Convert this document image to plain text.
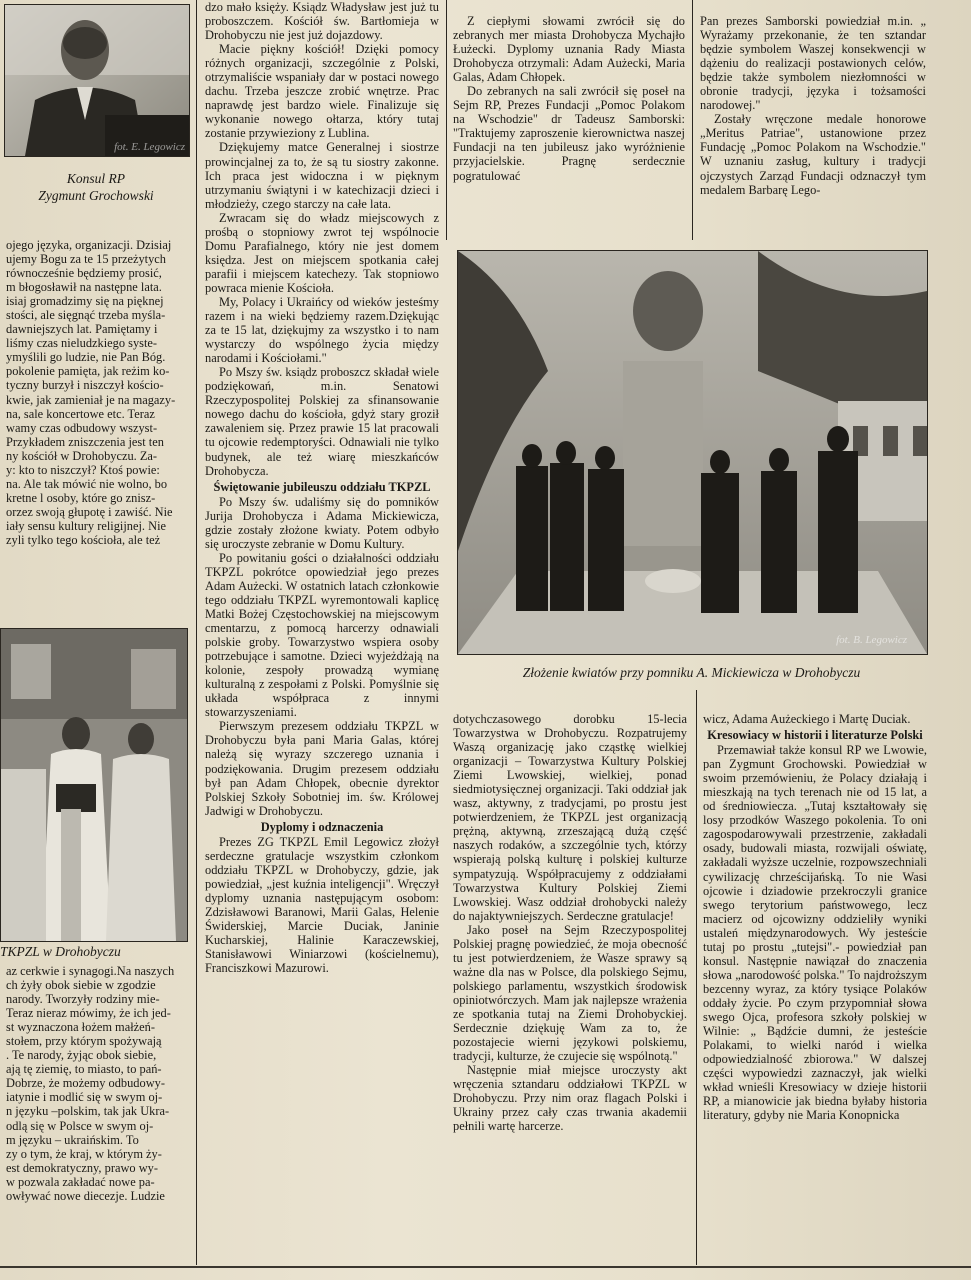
fot. E. Legowicz
Konsul RP
Zygmunt Grochowski
ojego języka, organizacji. Dzisiaj
ujemy Bogu za te 15 przeżytych
równocześnie będziemy prosić,
m błogosławił na następne lata.
isiaj gromadzimy się na pięknej
stości, ale sięgnąć trzeba myśla-
dawniejszych lat. Pamiętamy i
liśmy czas nieludzkiego syste-
ymyślili go ludzie, nie Pan Bóg.
pokolenie pamięta, jak reżim ko-
tyczny burzył i niszczył kościo-
kwie, jak zamieniał je na magazy-
na, sale koncertowe etc. Teraz
wamy czas odbudowy wszyst-
Przykładem zniszczenia jest ten
ny kościół w Drohobyczu. Za-
y: kto to niszczył? Ktoś powie:
na. Ale tak mówić nie wolno, bo
kretne l osoby, które go znisz-
orzez swoją głupotę i zawiść. Nie
iały sensu kultury religijnej. Nie
zyli tylko tego kościoła, ale też
TKPZL w Drohobyczu
az cerkwie i synagogi.Na naszych
ch żyły obok siebie w zgodzie
narody. Tworzyły rodziny mie-
Teraz nieraz mówimy, że ich jed-
st wyznaczona łożem małżeń-
stołem, przy którym spożywają
. Te narody, żyjąc obok siebie,
ają tę ziemię, to miasto, to pań-
Dobrze, że możemy odbudowy-
iatynie i modlić się w swym oj-
n języku –polskim, tak jak Ukra-
odlą się w Polsce w swym oj-
m języku – ukraińskim. To
zy o tym, że kraj, w którym ży-
est demokratyczny, prawo wy-
w pozwala zakładać nowe pa-
owływać nowe diecezje. Ludzie

dzo mało księży. Ksiądz Władysław jest już tu proboszczem. Kościół św. Bartłomieja w Drohobyczu nie jest już dojazdowy.

Macie piękny kościół! Dzięki pomocy różnych organizacji, szczególnie z Polski, otrzymaliście wspaniały dar w postaci nowego dachu. Trzeba jeszcze zrobić wnętrze. Prac naprawdę jest bardzo wiele. Finalizuje się wykonanie nowego ołtarza, który tutaj zostanie przywieziony z Lublina.

Dziękujemy matce Generalnej i siostrze prowincjalnej za to, że są tu siostry zakonne. Ich praca jest widoczna i w pięknym utrzymaniu świątyni i w katechizacji dzieci i młodzieży, czego starczy na całe lata.

Zwracam się do władz miejscowych z prośbą o stopniowy zwrot tej wspólnocie Domu Parafialnego, który nie jest domem księdza. Jest on miejscem spotkania całej parafii i miejscem katechezy. Tak stopniowo powraca mienie Kościoła.

My, Polacy i Ukraińcy od wieków jesteśmy razem i na wieki będziemy razem.Dziękując za te 15 lat, dziękujmy za wszystko i to nam wystarczy do wspólnego życia między narodami i Kościołami."

Po Mszy św. ksiądz proboszcz składał wiele podziękowań, m.in. Senatowi Rzeczypospolitej Polskiej za sfinansowanie nowego dachu do kościoła, gdyż stary groził zawaleniem się. Przez prawie 15 lat pracowali tu ojcowie redemptoryści. Odnawiali nie tylko budynek, ale też wiarę mieszkańców Drohobycza.

Świętowanie jubileuszu oddziału TKPZL

Po Mszy św. udaliśmy się do pomników Jurija Drohobycza i Adama Mickiewicza, gdzie zostały złożone kwiaty. Potem odbyło się uroczyste zebranie w Domu Kultury.

Po powitaniu gości o działalności oddziału TKPZL pokrótce opowiedział jego prezes Adam Aużecki. W ostatnich latach członkowie tego oddziału TKPZL wyremontowali kaplicę Matki Bożej Częstochowskiej na miejscowym cmentarzu, z pomocą harcerzy odnawiali polskie groby. Towarzystwo wspiera osoby potrzebujące i samotne. Dzieci wyjeżdżają na kolonie, zespoły prowadzą wymianę kulturalną z zespołami z Polski. Pomyślnie się układa współpraca z innymi stowarzyszeniami.

Pierwszym prezesem oddziału TKPZL w Drohobyczu była pani Maria Galas, której należą się wyrazy szczerego uznania i podziękowania. Drugim prezesem oddziału był pan Adam Chłopek, obecnie dyrektor Polskiej Szkoły Sobotniej im. św. Królowej Jadwigi w Drohobyczu.

Dyplomy i odznaczenia

Prezes ZG TKPZL Emil Legowicz złożył serdeczne gratulacje wszystkim członkom oddziału TKPZL w Drohobyczy, gdzie, jak powiedział, „jest kuźnia inteligencji". Wręczył dyplomy uznania następującym osobom: Zdzisławowi Baranowi, Marii Galas, Helenie Świderskiej, Marcie Duciak, Janinie Kucharskiej, Halinie Karaczewskiej, Stanisławowi Winiarzowi (kościelnemu), Franciszkowi Mazurowi.

Z ciepłymi słowami zwrócił się do zebranych mer miasta Drohobycza Mychajło Łużecki. Dyplomy uznania Rady Miasta Drohobycza otrzymali: Adam Aużecki, Maria Galas, Adam Chłopek.

Do zebranych na sali zwrócił się poseł na Sejm RP, Prezes Fundacji „Pomoc Polakom na Wschodzie" dr Tadeusz Samborski: "Traktujemy zaproszenie kierownictwa naszej Fundacji na ten jubileusz jako wyróżnienie przyjacielskie. Pragnę serdecznie pogratulować

Pan prezes Samborski powiedział m.in. „ Wyrażamy przekonanie, że ten sztandar będzie symbolem Waszej konsekwencji w dążeniu do realizacji postawionych celów, będzie także symbolem niezłomności w obronie tradycji, języka i tożsamości narodowej."

Zostały wręczone medale honorowe „Meritus Patriae", ustanowione przez Fundację „Pomoc Polakom na Wschodzie." W uznaniu zasług, kultury i tradycji ojczystych Zarząd Fundacji odznaczył tym medalem Barbarę Lego-

fot. B. Legowicz
Złożenie kwiatów przy pomniku A. Mickiewicza w Drohobyczu

dotychczasowego dorobku 15-lecia Towarzystwa w Drohobyczu. Rozpatrujemy Waszą organizację jako cząstkę wielkiej organizacji – Towarzystwa Kultury Polskiej Ziemi Lwowskiej, wielkiej, ponad siedmiotysięcznej organizacji. Taki oddział jak wasz, aktywny, z tradycjami, po prostu jest potwierdzeniem, że TKPZL jest organizacją prężną, aktywną, zrzeszającą dużą część naszych rodaków, a szczególnie tych, którzy wspierają polską kulturę i polskiej kulturze sympatyzują. Współpracujemy z oddziałami Towarzystwa Kultury Polskiej Ziemi Lwowskiej. Wasz oddział drohobycki należy do najaktywniejszych. Serdeczne gratulacje!

Jako poseł na Sejm Rzeczypospolitej Polskiej pragnę powiedzieć, że moja obecność tu jest potwierdzeniem, że Wasze sprawy są ważne dla nas w Polsce, dla polskiego Sejmu, polskiego parlamentu, wszystkich środowisk opiniotwórczych. Mam jak najlepsze wrażenia ze spotkania tutaj na Ziemi Drohobyckiej. Serdecznie dziękuję Wam za to, że pozostajecie wierni językowi polskiemu, tradycji, kulturze, że czujecie się wspólnotą."

Następnie miał miejsce uroczysty akt wręczenia sztandaru oddziałowi TKPZL w Drohobyczu. Przy nim oraz flagach Polski i Ukrainy przez cały czas trwania akademii pełnili wartę harcerze.

wicz, Adama Aużeckiego i Martę Duciak.

Kresowiacy w historii i literaturze Polski

Przemawiał także konsul RP we Lwowie, pan Zygmunt Grochowski. Powiedział w swoim przemówieniu, że Polacy działają i mieszkają na tych terenach nie od 15 lat, a od średniowiecza. „Tutaj kształtowały się losy przodków Waszego pokolenia. To oni zagospodarowywali przestrzenie, zakładali osady, budowali miasta, rozwijali oświatę, zakładali wyższe uczelnie, rozpowszechniali cywilizację chrześcijańską. To nie Wasi ojcowie i dziadowie przekroczyli granice swego terytorium państwowego, lecz macierz od ojcowizny oddzieliły wyniki ustaleń międzynarodowych. Wy jesteście tutaj po prostu „tutejsi".- powiedział pan konsul. Następnie nawiązał do znaczenia słowa „narodowość polska." To najdroższym bezcenny wyraz, za który tysiące Polaków oddały życie. Po czym przypomniał słowa swego Ojca, profesora szkoły polskiej w Wilnie: „ Bądźcie dumni, że jesteście Polakami, to wielki naród i wielka odpowiedzialność zbiorowa." W dalszej części wypowiedzi zaznaczył, jak wielki wkład wnieśli Kresowiacy w dzieje historii RP, a mianowicie jak biedna byłaby historia literatury, gdyby nie Maria Konopnicka
